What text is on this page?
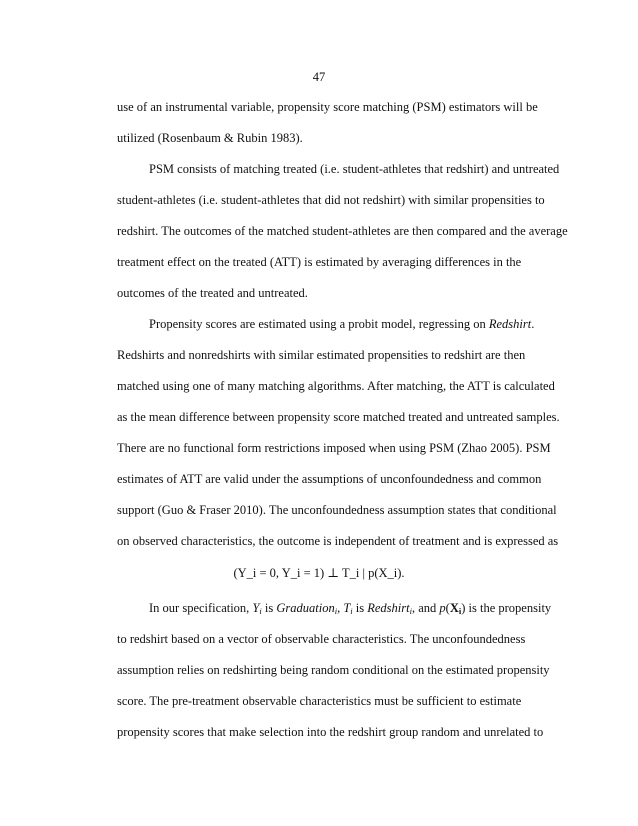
47
use of an instrumental variable, propensity score matching (PSM) estimators will be
utilized (Rosenbaum & Rubin 1983).
PSM consists of matching treated (i.e. student-athletes that redshirt) and untreated
student-athletes (i.e. student-athletes that did not redshirt) with similar propensities to
redshirt. The outcomes of the matched student-athletes are then compared and the average
treatment effect on the treated (ATT) is estimated by averaging differences in the
outcomes of the treated and untreated.
Propensity scores are estimated using a probit model, regressing on Redshirt.
Redshirts and nonredshirts with similar estimated propensities to redshirt are then
matched using one of many matching algorithms. After matching, the ATT is calculated
as the mean difference between propensity score matched treated and untreated samples.
There are no functional form restrictions imposed when using PSM (Zhao 2005). PSM
estimates of ATT are valid under the assumptions of unconfoundedness and common
support (Guo & Fraser 2010). The unconfoundedness assumption states that conditional
on observed characteristics, the outcome is independent of treatment and is expressed as
(Y_i = 0, Y_i = 1) ⊥ T_i | p(X_i).
In our specification, $Y_i$ is Graduation$_i$, $T_i$ is Redshirt$_i$, and $p(X_i)$ is the propensity
to redshirt based on a vector of observable characteristics. The unconfoundedness
assumption relies on redshirting being random conditional on the estimated propensity
score. The pre-treatment observable characteristics must be sufficient to estimate
propensity scores that make selection into the redshirt group random and unrelated to
